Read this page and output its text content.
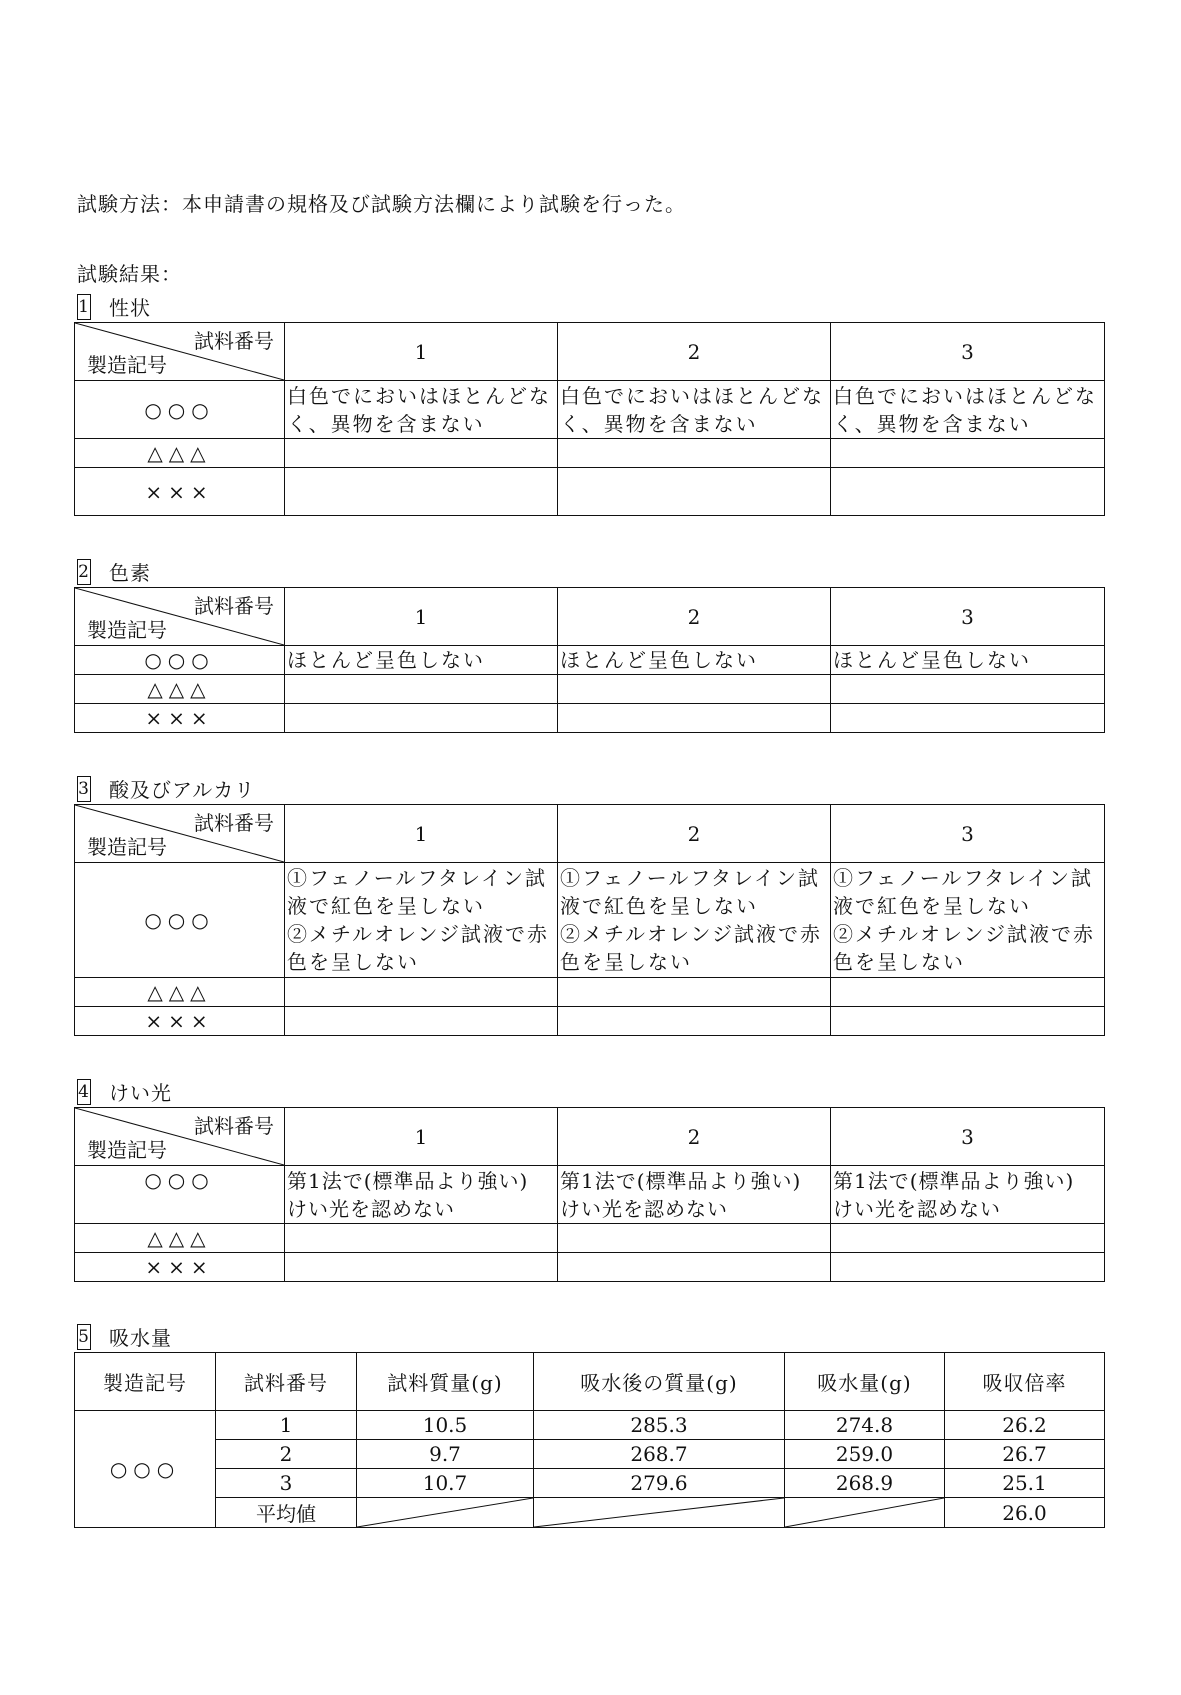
試験方法：本申請書の規格及び試験方法欄により試験を行った。
試験結果：
1 性状
試料番号
製造記号	1	2	3
○○○	白色でにおいはほとんどな
く、異物を含まない	白色でにおいはほとんどな
く、異物を含まない	白色でにおいはほとんどな
く、異物を含まない
△△△			
×××			
2 色素
試料番号
製造記号	1	2	3
○○○	ほとんど呈色しない	ほとんど呈色しない	ほとんど呈色しない
△△△			
×××			
3 酸及びアルカリ
試料番号
製造記号	1	2	3
○○○	①フェノールフタレイン試
液で紅色を呈しない
②メチルオレンジ試液で赤
色を呈しない	①フェノールフタレイン試
液で紅色を呈しない
②メチルオレンジ試液で赤
色を呈しない	①フェノールフタレイン試
液で紅色を呈しない
②メチルオレンジ試液で赤
色を呈しない
△△△			
×××			
4 けい光
試料番号
製造記号	1	2	3
○○○	第1法で(標準品より強い)
けい光を認めない	第1法で(標準品より強い)
けい光を認めない	第1法で(標準品より強い)
けい光を認めない
△△△			
×××			
5 吸水量
製造記号	試料番号	試料質量(g)	吸水後の質量(g)	吸水量(g)	吸収倍率
○○○	1	10.5	285.3	274.8	26.2
	2	9.7	268.7	259.0	26.7
	3	10.7	279.6	268.9	25.1
	平均値				26.0
